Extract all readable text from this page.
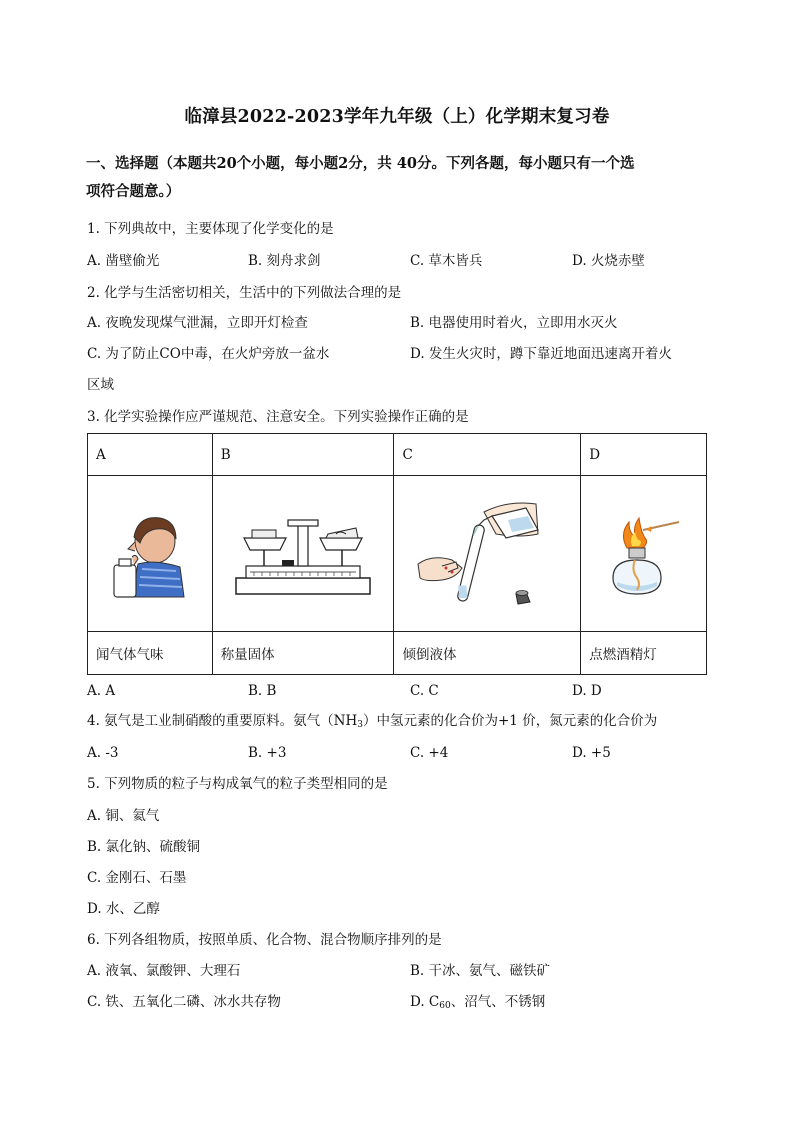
临漳县2022-2023学年九年级（上）化学期末复习卷
一、选择题（本题共20个小题，每小题2分，共 40分。下列各题，每小题只有一个选
项符合题意。）
1. 下列典故中，主要体现了化学变化的是
A. 凿壁偷光	B. 刻舟求剑	C. 草木皆兵	D. 火烧赤壁
2. 化学与生活密切相关，生活中的下列做法合理的是
A. 夜晚发现煤气泄漏，立即开灯检查	B. 电器使用时着火，立即用水灭火
C. 为了防止CO中毒，在火炉旁放一盆水	D. 发生火灾时，蹲下靠近地面迅速离开着火
区域
3. 化学实验操作应严谨规范、注意安全。下列实验操作正确的是
A	B	C	D

闻气体气味	称量固体	倾倒液体	点燃酒精灯
A. A	B. B	C. C	D. D
4. 氨气是工业制硝酸的重要原料。氨气$(NH_3)$中氢元素的化合价为+1 价，氮元素的化合价为
A. -3	B. +3	C. +4	D. +5
5. 下列物质的粒子与构成氧气的粒子类型相同的是
A. 铜、氦气
B. 氯化钠、硫酸铜
C. 金刚石、石墨
D. 水、乙醇
6. 下列各组物质，按照单质、化合物、混合物顺序排列的是
A. 液氧、氯酸钾、大理石	B. 干冰、氨气、磁铁矿
C. 铁、五氧化二磷、冰水共存物	D. $C_{60}$、沼气、不锈钢
